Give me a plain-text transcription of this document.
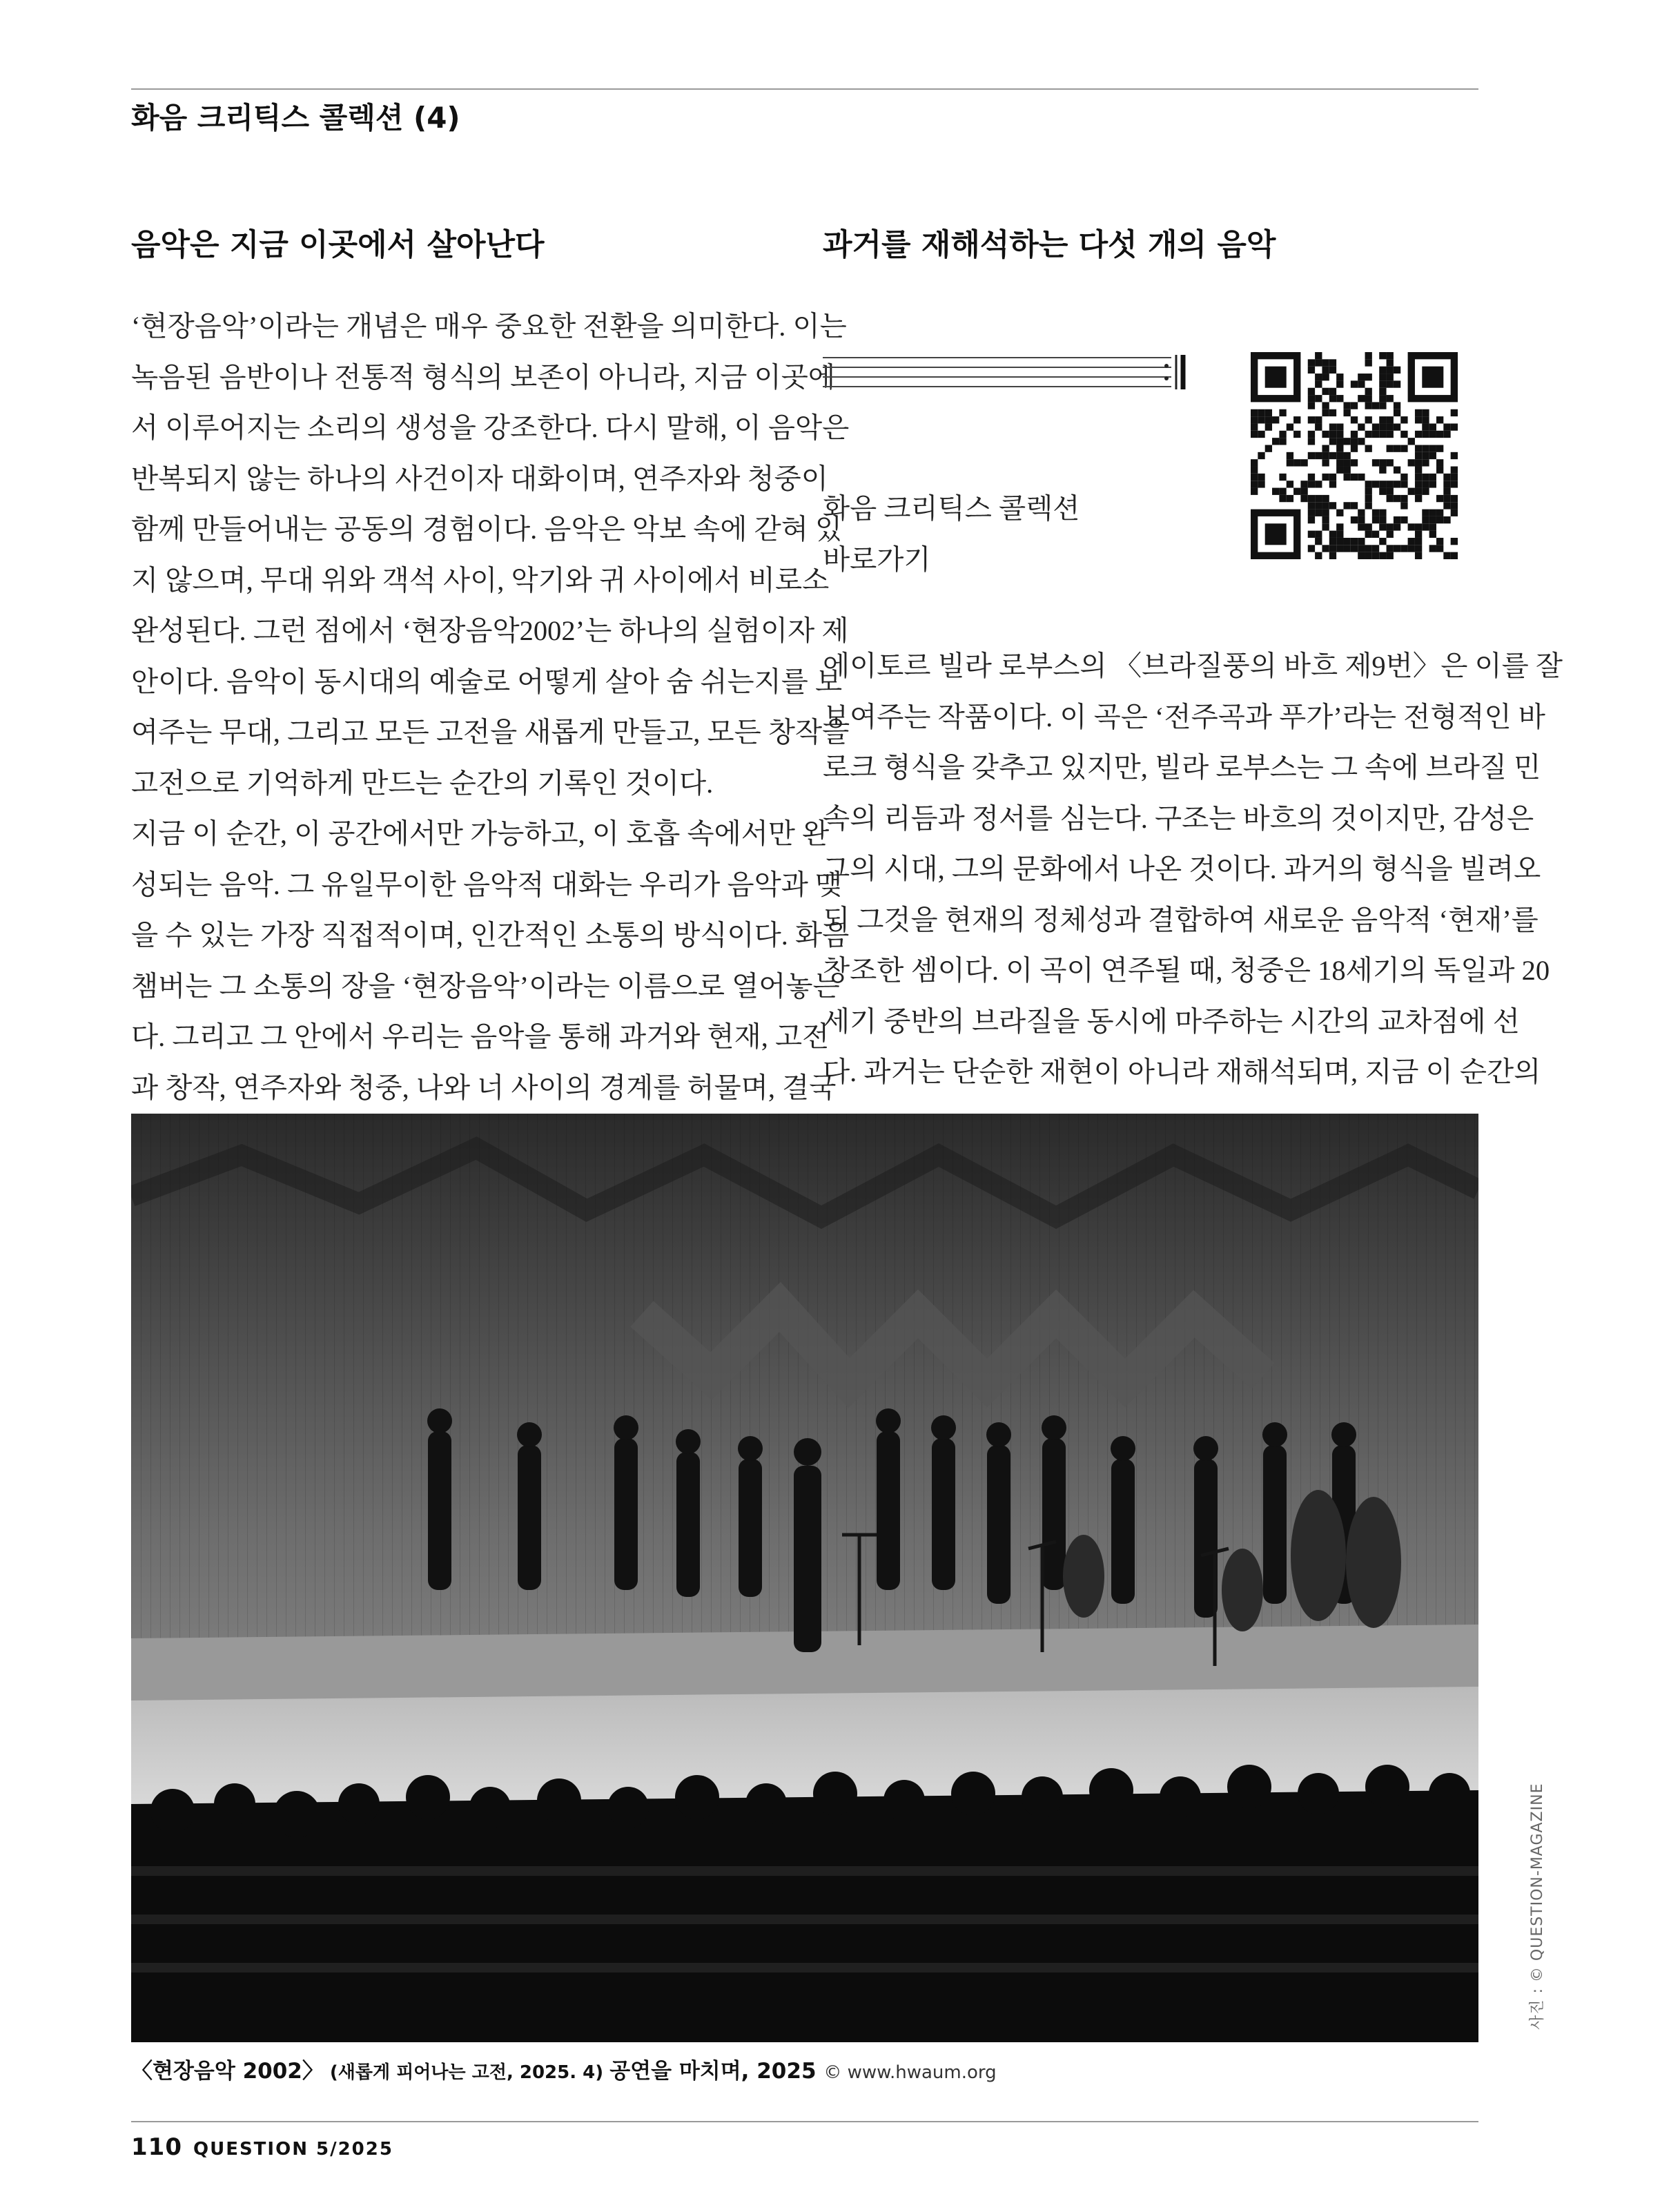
화음 크리틱스 콜렉션 (4)
음악은 지금 이곳에서 살아난다
‘현장음악’이라는 개념은 매우 중요한 전환을 의미한다. 이는
녹음된 음반이나 전통적 형식의 보존이 아니라, 지금 이곳에
서 이루어지는 소리의 생성을 강조한다. 다시 말해, 이 음악은
반복되지 않는 하나의 사건이자 대화이며, 연주자와 청중이
함께 만들어내는 공동의 경험이다. 음악은 악보 속에 갇혀 있
지 않으며, 무대 위와 객석 사이, 악기와 귀 사이에서 비로소
완성된다. 그런 점에서 ‘현장음악2002’는 하나의 실험이자 제
안이다. 음악이 동시대의 예술로 어떻게 살아 숨 쉬는지를 보
여주는 무대, 그리고 모든 고전을 새롭게 만들고, 모든 창작을
고전으로 기억하게 만드는 순간의 기록인 것이다.
지금 이 순간, 이 공간에서만 가능하고, 이 호흡 속에서만 완
성되는 음악. 그 유일무이한 음악적 대화는 우리가 음악과 맺
을 수 있는 가장 직접적이며, 인간적인 소통의 방식이다. 화음
챔버는 그 소통의 장을 ‘현장음악’이라는 이름으로 열어놓는
다. 그리고 그 안에서 우리는 음악을 통해 과거와 현재, 고전
과 창작, 연주자와 청중, 나와 너 사이의 경계를 허물며, 결국
과거를 재해석하는 다섯 개의 음악
화음 크리틱스 콜렉션
바로가기
에이토르 빌라 로부스의 〈브라질풍의 바흐 제9번〉은 이를 잘
보여주는 작품이다. 이 곡은 ‘전주곡과 푸가’라는 전형적인 바
로크 형식을 갖추고 있지만, 빌라 로부스는 그 속에 브라질 민
속의 리듬과 정서를 심는다. 구조는 바흐의 것이지만, 감성은
그의 시대, 그의 문화에서 나온 것이다. 과거의 형식을 빌려오
되 그것을 현재의 정체성과 결합하여 새로운 음악적 ‘현재’를
창조한 셈이다. 이 곡이 연주될 때, 청중은 18세기의 독일과 20
세기 중반의 브라질을 동시에 마주하는 시간의 교차점에 선
다. 과거는 단순한 재현이 아니라 재해석되며, 지금 이 순간의
사진 : © QUESTION-MAGAZINE
〈현장음악 2002〉 (새롭게 피어나는 고전, 2025. 4) 공연을 마치며, 2025 © www.hwaum.org
110 QUESTION 5/2025
